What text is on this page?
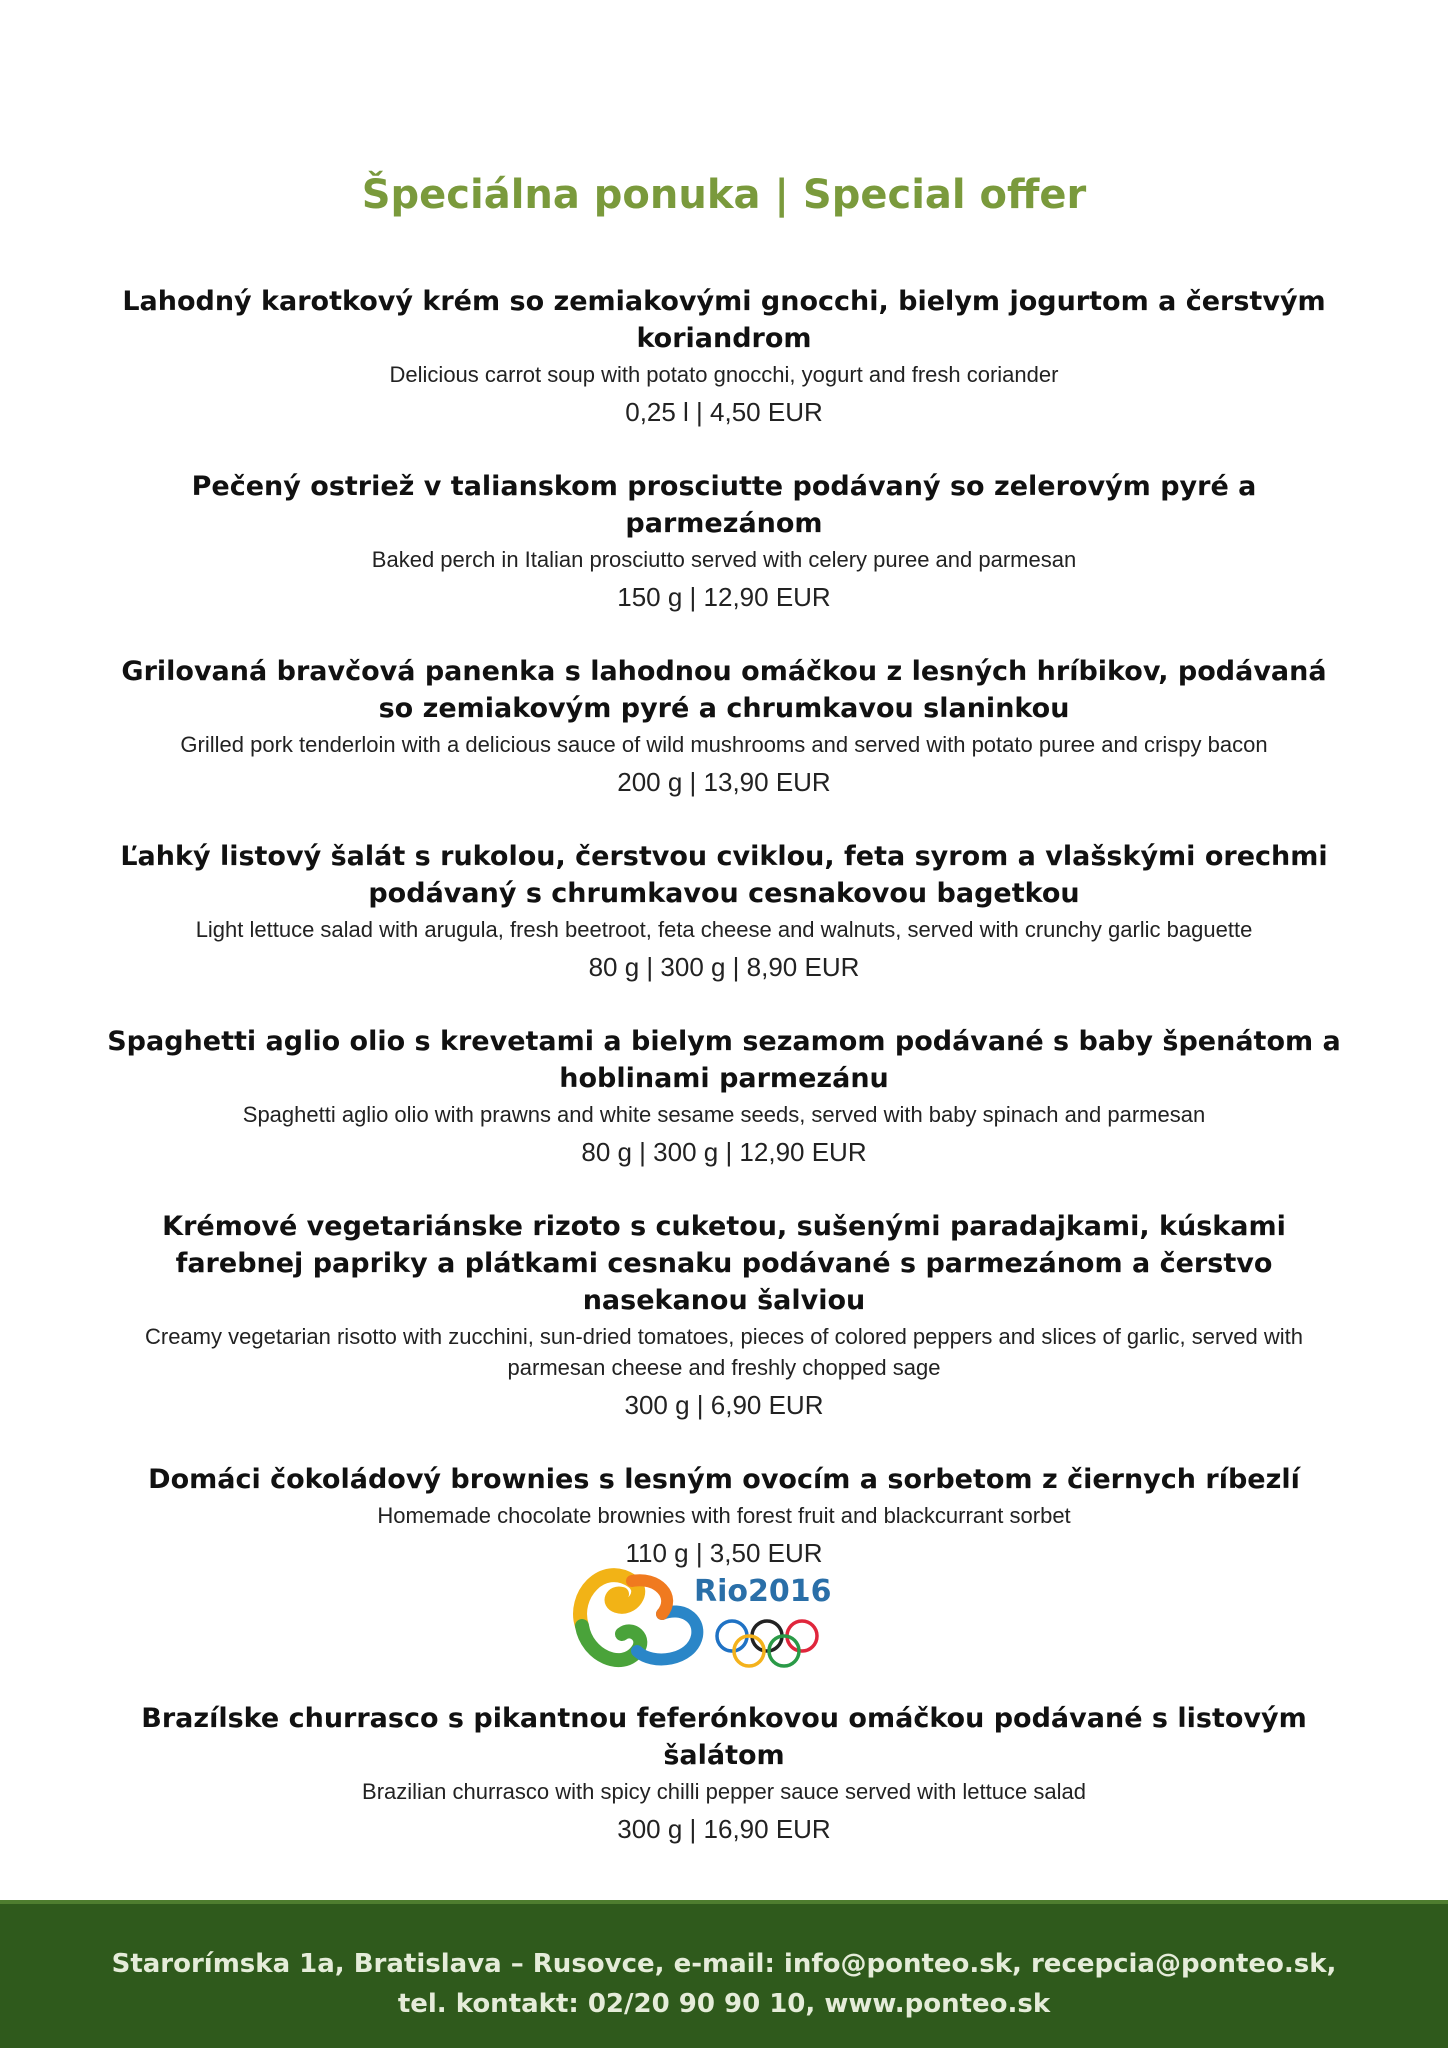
Špeciálna ponuka | Special offer
Lahodný karotkový krém so zemiakovými gnocchi, bielym jogurtom a čerstvým koriandrom
Delicious carrot soup with potato gnocchi, yogurt and fresh coriander
0,25 l | 4,50 EUR
Pečený ostriež v talianskom prosciutte podávaný so zelerovým pyré a parmezánom
Baked perch in Italian prosciutto served with celery puree and parmesan
150 g | 12,90 EUR
Grilovaná bravčová panenka s lahodnou omáčkou z lesných hríbikov, podávaná so zemiakovým pyré a chrumkavou slaninkou
Grilled pork tenderloin with a delicious sauce of wild mushrooms and served with potato puree and crispy bacon
200 g | 13,90 EUR
Ľahký listový šalát s rukolou, čerstvou cviklou, feta syrom a vlašskými orechmi podávaný s chrumkavou cesnakovou bagetkou
Light lettuce salad with arugula, fresh beetroot, feta cheese and walnuts, served with crunchy garlic baguette
80 g | 300 g | 8,90 EUR
Spaghetti aglio olio s krevetami a bielym sezamom podávané s baby špenátom a hoblinami parmezánu
Spaghetti aglio olio with prawns and white sesame seeds, served with baby spinach and parmesan
80 g | 300 g | 12,90 EUR
Krémové vegetariánske rizoto s cuketou, sušenými paradajkami, kúskami farebnej papriky a plátkami cesnaku podávané s parmezánom a čerstvo nasekanou šalviou
Creamy vegetarian risotto with zucchini, sun-dried tomatoes, pieces of colored peppers and slices of garlic, served with parmesan cheese and freshly chopped sage
300 g | 6,90 EUR
Domáci čokoládový brownies s lesným ovocím a sorbetom z čiernych ríbezlí
Homemade chocolate brownies with forest fruit and blackcurrant sorbet
110 g | 3,50 EUR
Rio2016
Brazílske churrasco s pikantnou feferónkovou omáčkou podávané s listovým šalátom
Brazilian churrasco with spicy chilli pepper sauce served with lettuce salad
300 g | 16,90 EUR
Starorímska 1a, Bratislava – Rusovce, e-mail: info@ponteo.sk, recepcia@ponteo.sk,
tel. kontakt: 02/20 90 90 10, www.ponteo.sk
